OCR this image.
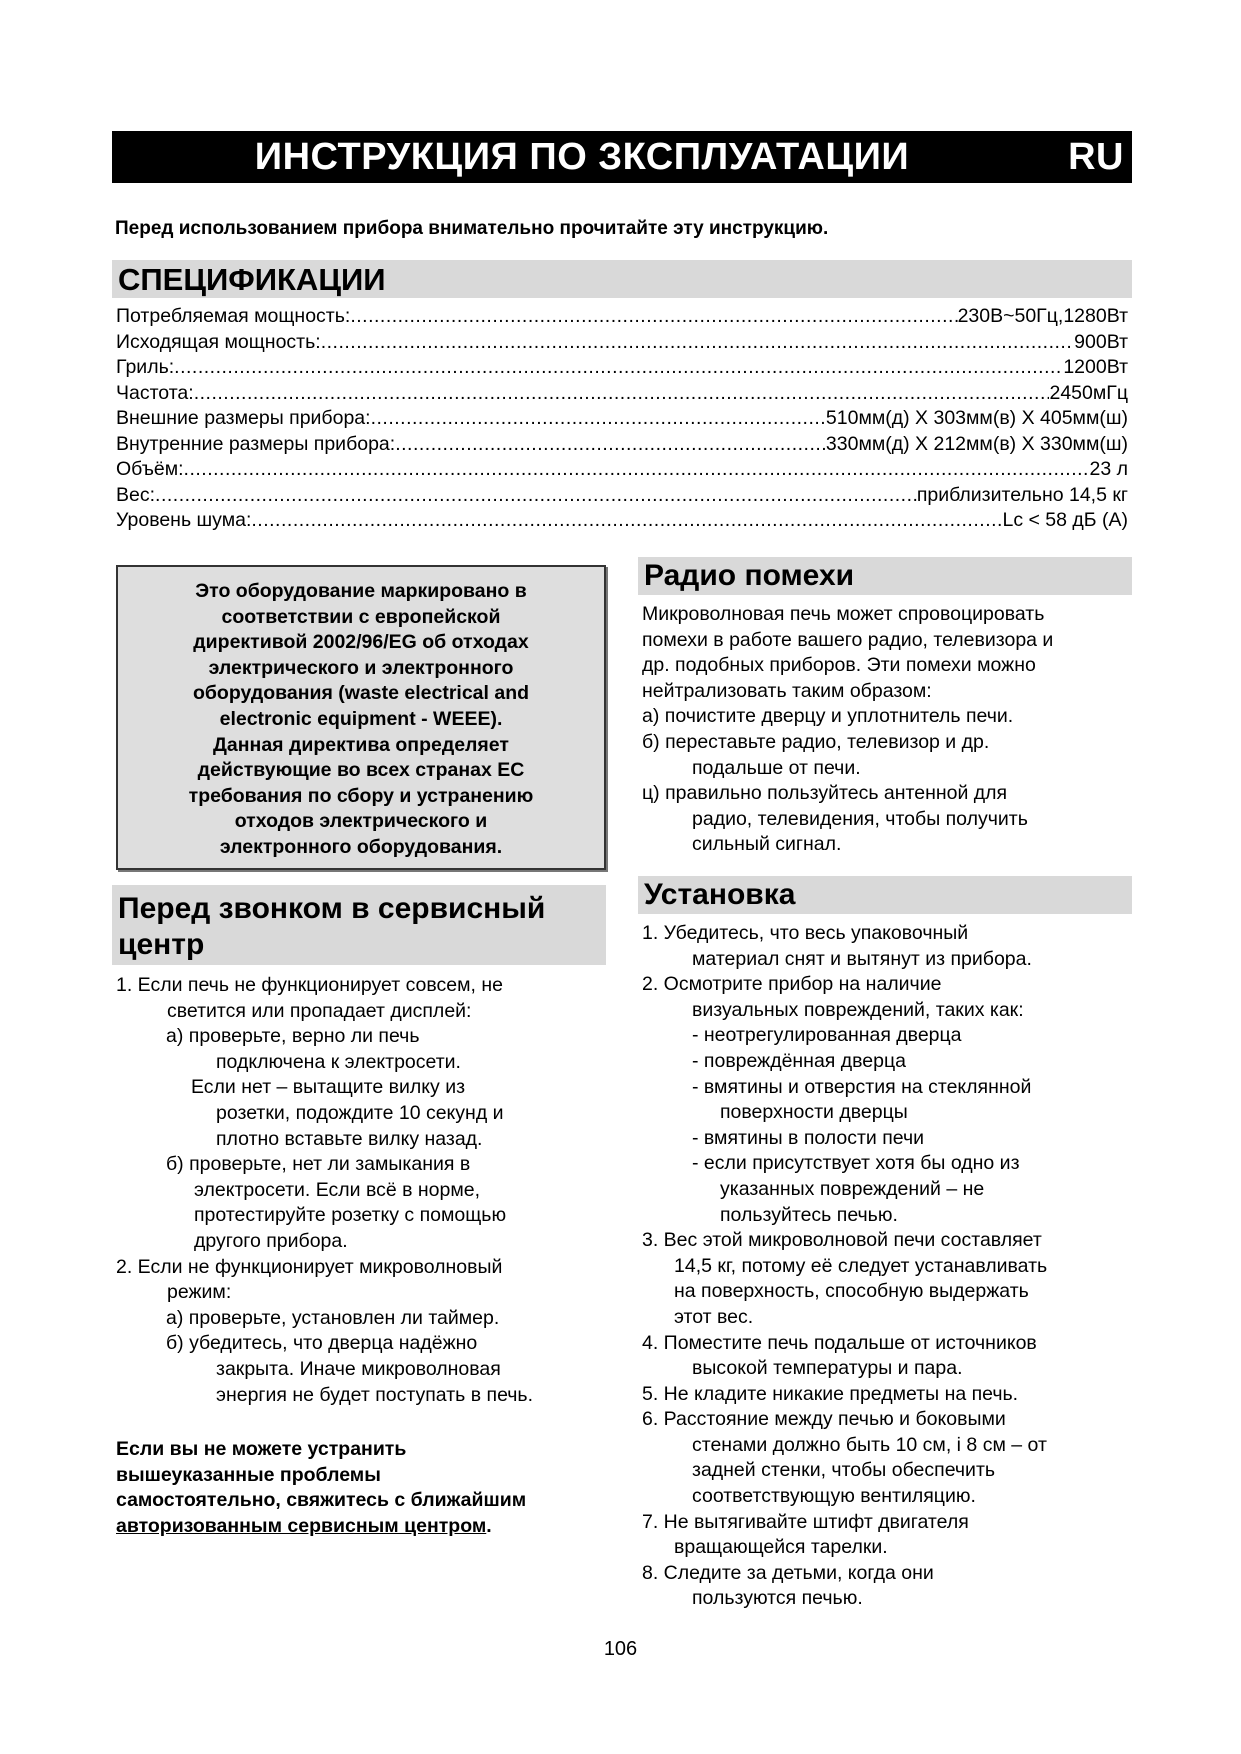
ИНСТРУКЦИЯ ПО ЗКСПЛУАТАЦИИ	RU
Перед использованием прибора внимательно прочитайте эту инструкцию.
СПЕЦИФИКАЦИИ
Потребляемая мощность: .....	230В~50Гц,1280Вт
Исходящая мощность: .....	900Вт
Гриль: .....	1200Вт
Частота: .....	2450мГц
Внешние размеры прибора: .....	510мм(д) Х 303мм(в) Х 405мм(ш)
Внутренние размеры прибора: .....	330мм(д) Х 212мм(в) Х 330мм(ш)
Объём: .....	23 л
Вес: .....	приблизительно 14,5 кг
Уровень шума: .....	Lc < 58 дБ (А)
Это оборудование маркировано в
соответствии с европейской
директивой 2002/96/EG об отходах
электрического и электронного
оборудования (waste electrical and
electronic equipment - WEEE).
Данная директива определяет
действующие во всех странах ЕС
требования по сбору и устранению
отходов электрического и
электронного оборудования.
Перед звонком в сервисный
центр
1. Если печь не функционирует совсем, не
светится или пропадает дисплей:
а) проверьте, верно ли печь
подключена к электросети.
Если нет – вытащите вилку из
розетки, подождите 10 секунд и
плотно вставьте вилку назад.
б) проверьте, нет ли замыкания в
электросети. Если всё в норме,
протестируйте розетку с помощью
другого прибора.
2. Если не функционирует микроволновый
режим:
а) проверьте, установлен ли таймер.
б) убедитесь, что дверца надёжно
закрыта. Иначе микроволновая
энергия не будет поступать в печь.
Если вы не можете устранить
вышеуказанные проблемы
самостоятельно, свяжитесь с ближайшим
авторизованным сервисным центром.
Радио помехи
Микроволновая печь может спровоцировать
помехи в работе вашего радио, телевизора и
др. подобных приборов. Эти помехи можно
нейтрализовать таким образом:
а) почистите дверцу и уплотнитель печи.
б) переставьте радио, телевизор и др.
подальше от печи.
ц) правильно пользуйтесь антенной для
радио, телевидения, чтобы получить
сильный сигнал.
Установка
1. Убедитесь, что весь упаковочный
материал снят и вытянут из прибора.
2. Осмотрите прибор на наличие
визуальных повреждений, таких как:
- неотрегулированная дверца
- повреждённая дверца
- вмятины и отверстия на стеклянной
поверхности дверцы
- вмятины в полости печи
- если присутствует хотя бы одно из
указанных повреждений – не
пользуйтесь печью.
3. Вес этой микроволновой печи составляет
14,5 кг, потому её следует устанавливать
на поверхность, способную выдержать
этот вес.
4. Поместите печь подальше от источников
высокой температуры и пара.
5. Не кладите никакие предметы на печь.
6. Расстояние между печью и боковыми
стенами должно быть 10 см, і 8 см – от
задней стенки, чтобы обеспечить
соответствующую вентиляцию.
7. Не вытягивайте штифт двигателя
вращающейся тарелки.
8. Следите за детьми, когда они
пользуются печью.
106
